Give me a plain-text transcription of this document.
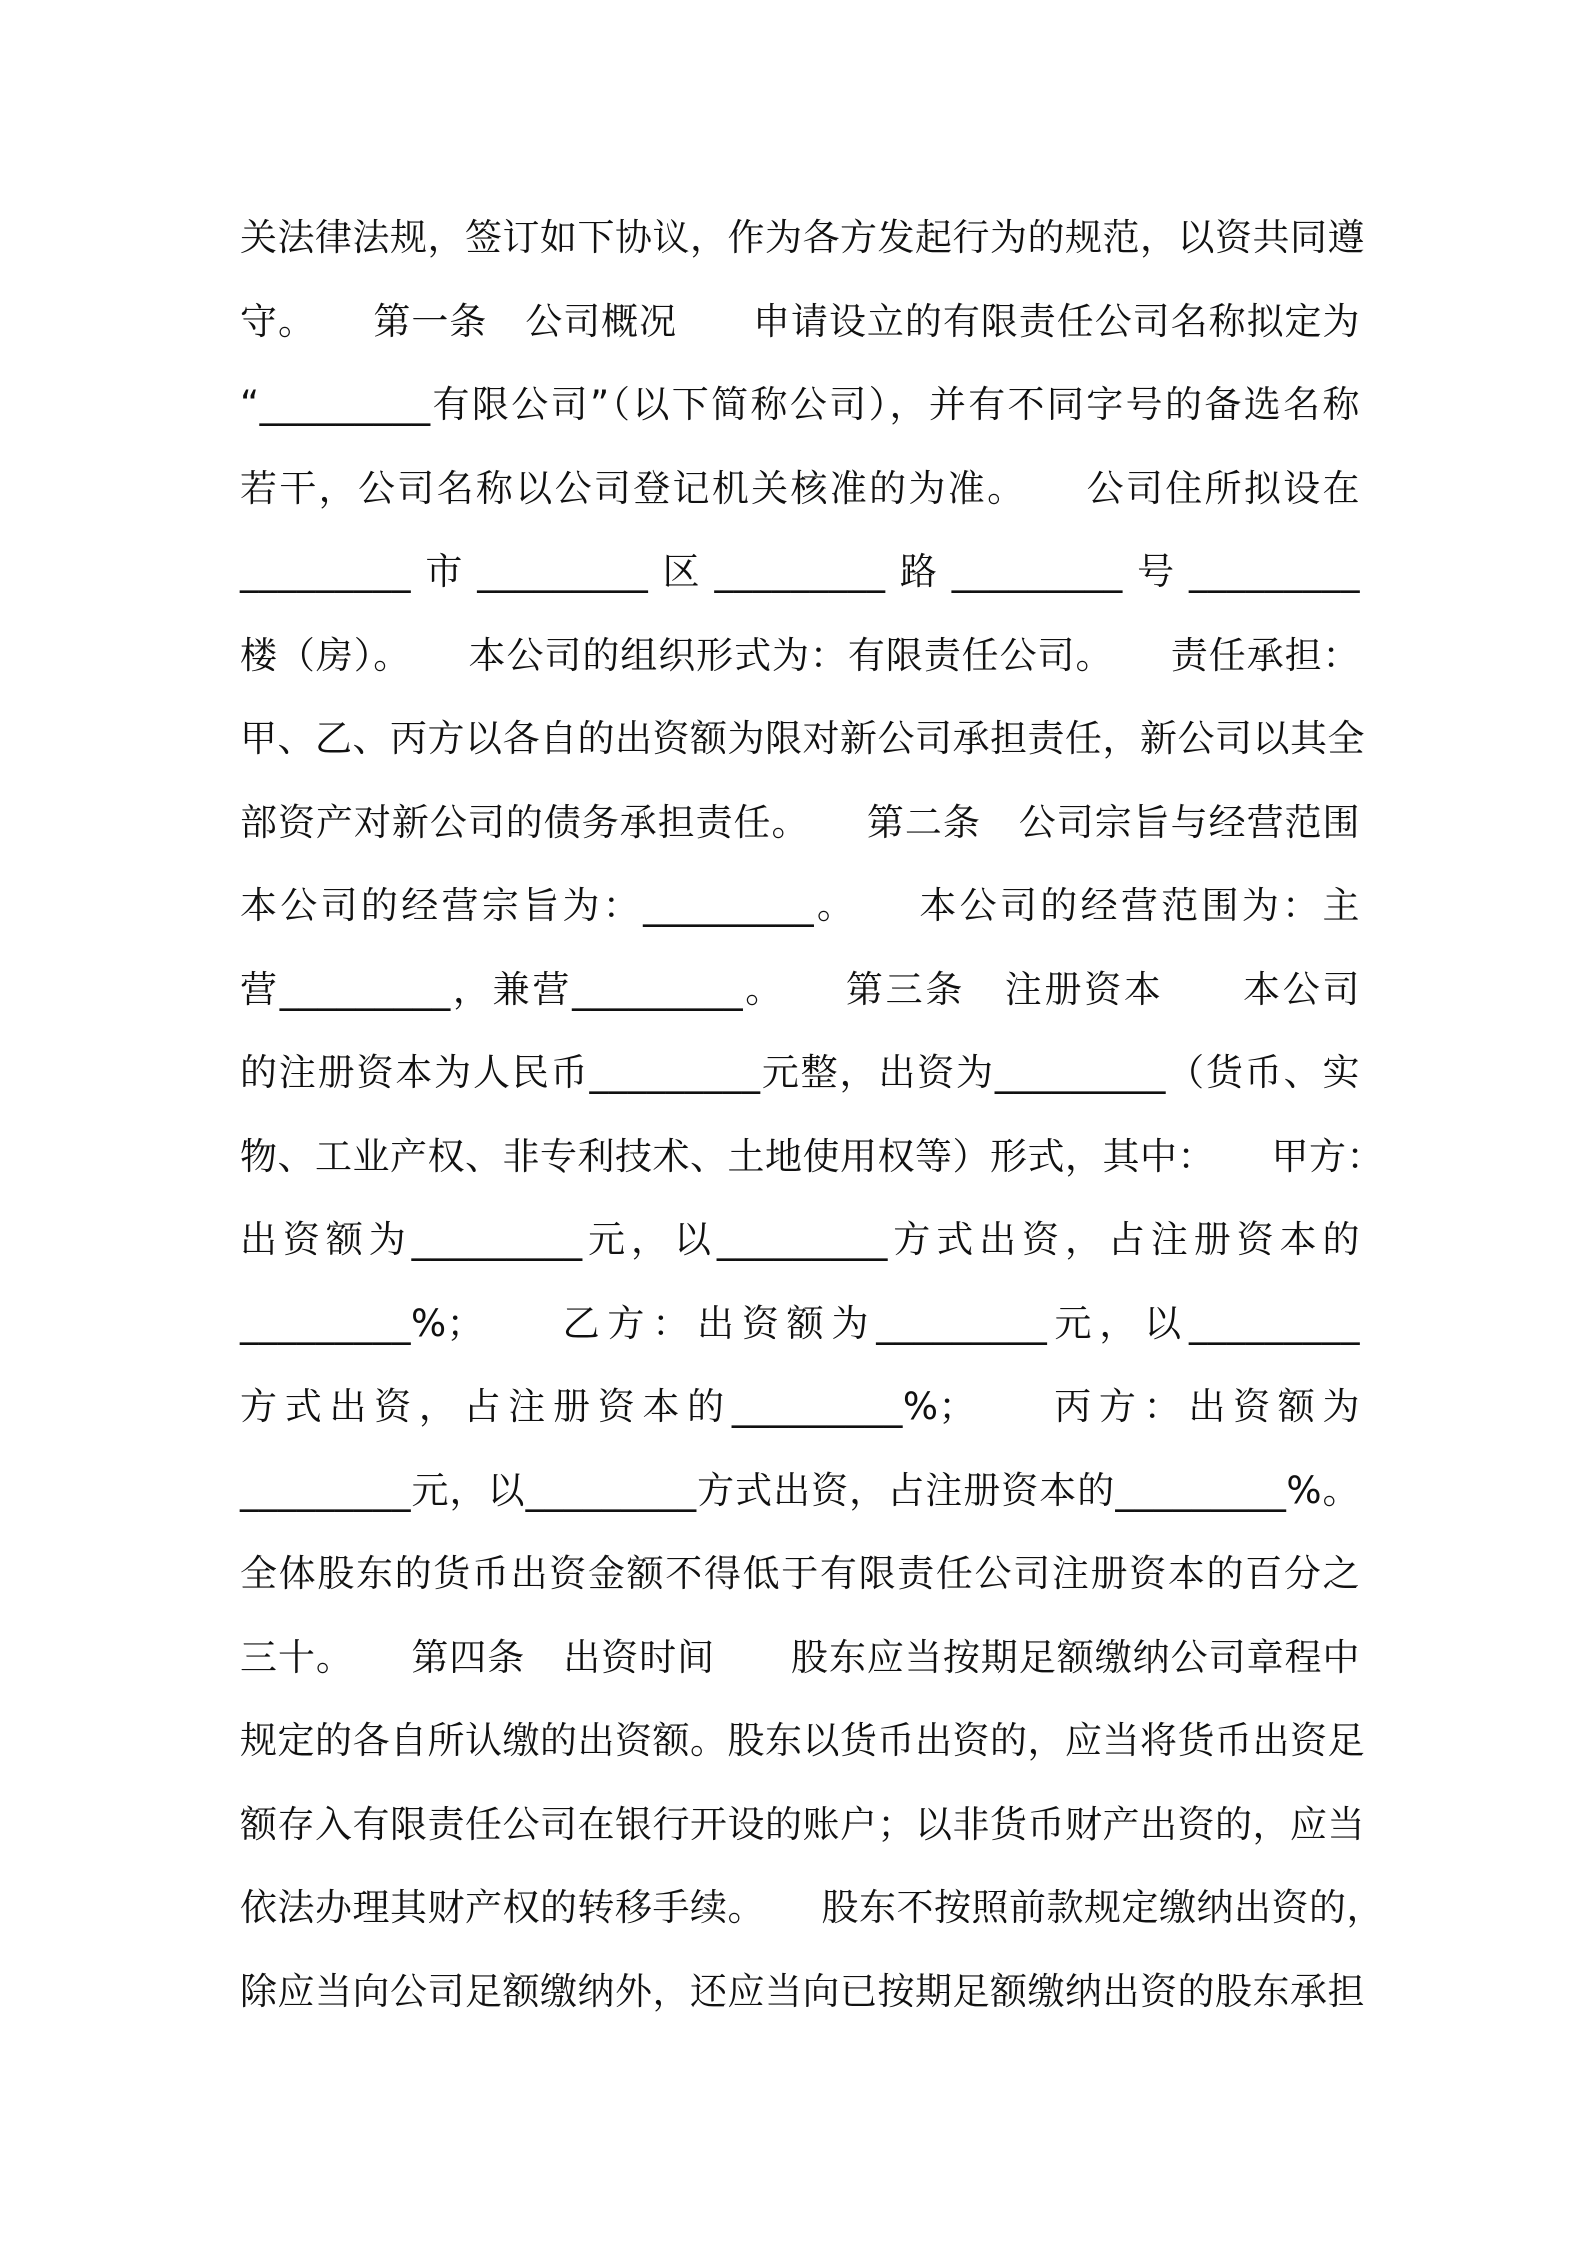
关法律法规，签订如下协议，作为各方发起行为的规范，以资共同遵
守。　　第一条　公司概况　　申请设立的有限责任公司名称拟定为
“_________有限公司”（以下简称公司），并有不同字号的备选名称
若干，公司名称以公司登记机关核准的为准。　　公司住所拟设在
_________市_________区_________路_________号_________
楼（房）。　　本公司的组织形式为：有限责任公司。　　责任承担：
甲、乙、丙方以各自的出资额为限对新公司承担责任，新公司以其全
部资产对新公司的债务承担责任。　　第二条　公司宗旨与经营范围
本公司的经营宗旨为：_________。　　本公司的经营范围为：主
营_________，兼营_________。　　第三条　注册资本　　本公司
的注册资本为人民币_________元整，出资为_________（货币、实
物、工业产权、非专利技术、土地使用权等）形式，其中：　　甲方：
出资额为_________元，以_________方式出资，占注册资本的
_________%；　　乙方：出资额为_________元，以_________
方式出资，占注册资本的_________%；　　丙方：出资额为
_________元，以_________方式出资，占注册资本的_________%。
全体股东的货币出资金额不得低于有限责任公司注册资本的百分之
三十。　　第四条　出资时间　　股东应当按期足额缴纳公司章程中
规定的各自所认缴的出资额。股东以货币出资的，应当将货币出资足
额存入有限责任公司在银行开设的账户；以非货币财产出资的，应当
依法办理其财产权的转移手续。　　股东不按照前款规定缴纳出资的，
除应当向公司足额缴纳外，还应当向已按期足额缴纳出资的股东承担
